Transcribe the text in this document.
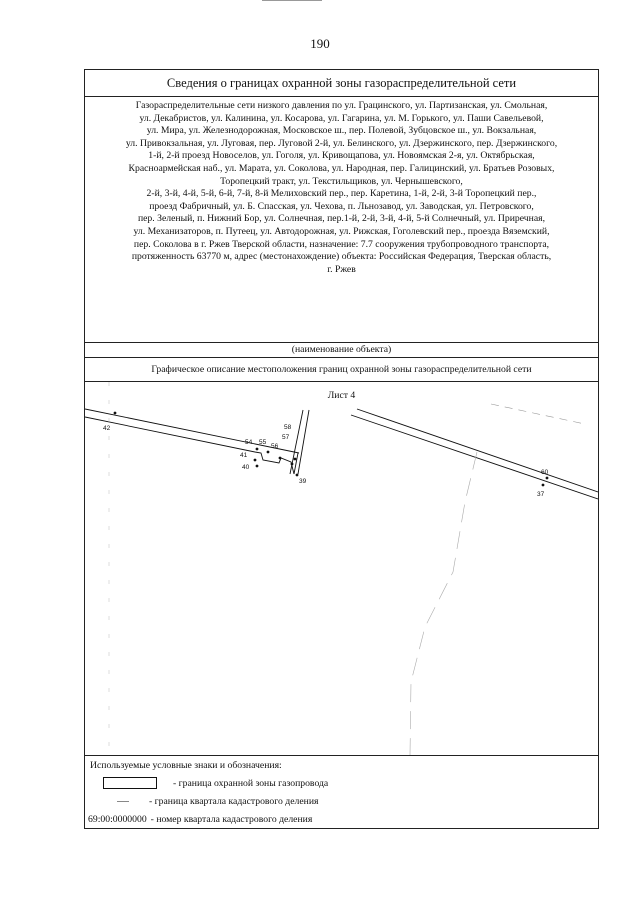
190
Сведения о границах охранной зоны газораспределительной сети
Газораспределительные сети низкого давления по ул. Грацинского, ул. Партизанская, ул. Смольная,
ул. Декабристов, ул. Калинина, ул. Косарова, ул. Гагарина, ул. М. Горького, ул. Паши Савельевой,
ул. Мира, ул. Железнодорожная, Московское ш., пер. Полевой, Зубцовское ш., ул. Вокзальная,
ул. Привокзальная, ул. Луговая, пер. Луговой 2-й, ул. Белинского, ул. Дзержинского, пер. Дзержинского,
1-й, 2-й проезд Новоселов, ул. Гоголя, ул. Кривощапова, ул. Новоямская 2-я, ул. Октябрьская,
Красноармейская наб., ул. Марата, ул. Соколова, ул. Народная, пер. Галицинский, ул. Братьев Розовых,
Торопецкий тракт, ул. Текстильщиков, ул. Чернышевского,
2-й, 3-й, 4-й, 5-й, 6-й, 7-й, 8-й Мелиховский пер., пер. Каретина, 1-й, 2-й, 3-й Торопецкий пер.,
проезд Фабричный, ул. Б. Спасская, ул. Чехова, п. Льнозавод, ул. Заводская, ул. Петровского,
пер. Зеленый, п. Нижний Бор, ул. Солнечная, пер.1-й, 2-й, 3-й, 4-й, 5-й Солнечный, ул. Приречная,
ул. Механизаторов, п. Путеец, ул. Автодорожная, ул. Рижская, Гоголевский пер., проезда Вяземский,
пер. Соколова в г. Ржев Тверской области, назначение: 7.7 сооружения трубопроводного транспорта,
протяженность 63770 м, адрес (местонахождение) объекта: Российская Федерация, Тверская область,
г. Ржев
(наименование объекта)
Графическое описание местоположения границ охранной зоны газораспределительной сети
Лист 4
42
54 55
56
57
58
41
40
39
60
37
Используемые условные знаки и обозначения:
- граница охранной зоны газопровода
- граница квартала кадастрового деления
69:00:0000000 - номер квартала кадастрового деления
